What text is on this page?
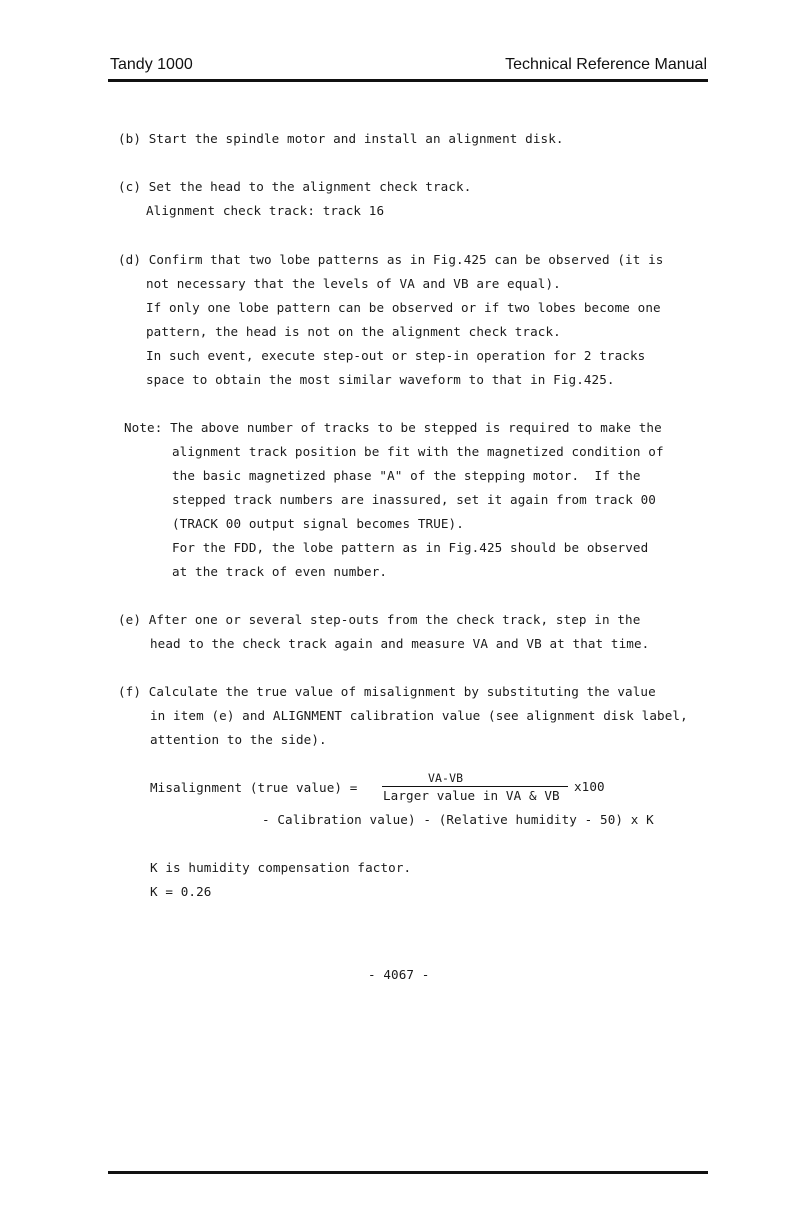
Tandy 1000	Technical Reference Manual
(b) Start the spindle motor and install an alignment disk.
(c) Set the head to the alignment check track.
Alignment check track: track 16
(d) Confirm that two lobe patterns as in Fig.425 can be observed (it is
not necessary that the levels of VA and VB are equal).
If only one lobe pattern can be observed or if two lobes become one
pattern, the head is not on the alignment check track.
In such event, execute step-out or step-in operation for 2 tracks
space to obtain the most similar waveform to that in Fig.425.
Note: The above number of tracks to be stepped is required to make the
alignment track position be fit with the magnetized condition of
the basic magnetized phase "A" of the stepping motor.  If the
stepped track numbers are inassured, set it again from track 00
(TRACK 00 output signal becomes TRUE).
For the FDD, the lobe pattern as in Fig.425 should be observed
at the track of even number.
(e) After one or several step-outs from the check track, step in the
head to the check track again and measure VA and VB at that time.
(f) Calculate the true value of misalignment by substituting the value
in item (e) and ALIGNMENT calibration value (see alignment disk label,
attention to the side).
Misalignment (true value) =
VA-VB
Larger value in VA & VB
x100
- Calibration value) - (Relative humidity - 50) x K
K is humidity compensation factor.
K = 0.26
- 4067 -
